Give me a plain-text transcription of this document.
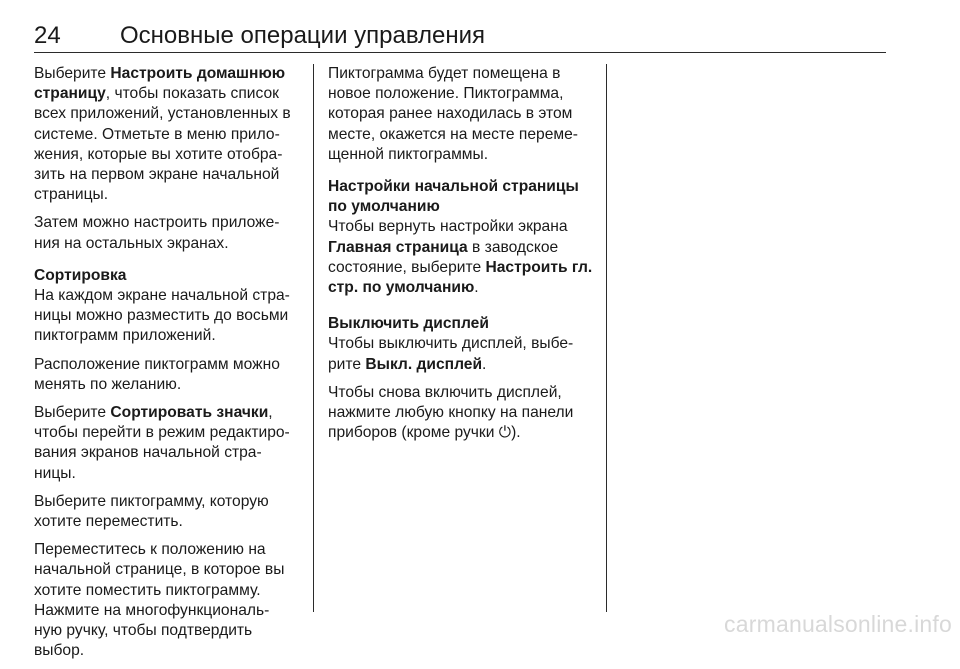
24	Основные операции управления

Выберите Настроить домашнюю страницу, чтобы показать список всех приложений, установленных в системе. Отметьте в меню прило-жения, которые вы хотите отобра-зить на первом экране начальной страницы.

Затем можно настроить приложе-ния на остальных экранах.

Сортировка

На каждом экране начальной стра-ницы можно разместить до восьми пиктограмм приложений.

Расположение пиктограмм можно менять по желанию.

Выберите Сортировать значки, чтобы перейти в режим редактиро-вания экранов начальной стра-ницы.

Выберите пиктограмму, которую хотите переместить.

Переместитесь к положению на начальной странице, в которое вы хотите поместить пиктограмму. Нажмите на многофункциональ-ную ручку, чтобы подтвердить выбор.

Пиктограмма будет помещена в новое положение. Пиктограмма, которая ранее находилась в этом месте, окажется на месте переме-щенной пиктограммы.

Настройки начальной страницы по умолчанию

Чтобы вернуть настройки экрана Главная страница в заводское состояние, выберите Настроить гл. стр. по умолчанию.

Выключить дисплей

Чтобы выключить дисплей, выбе-рите Выкл. дисплей.

Чтобы снова включить дисплей, нажмите любую кнопку на панели приборов (кроме ручки ⏻).

carmanualsonline.info
